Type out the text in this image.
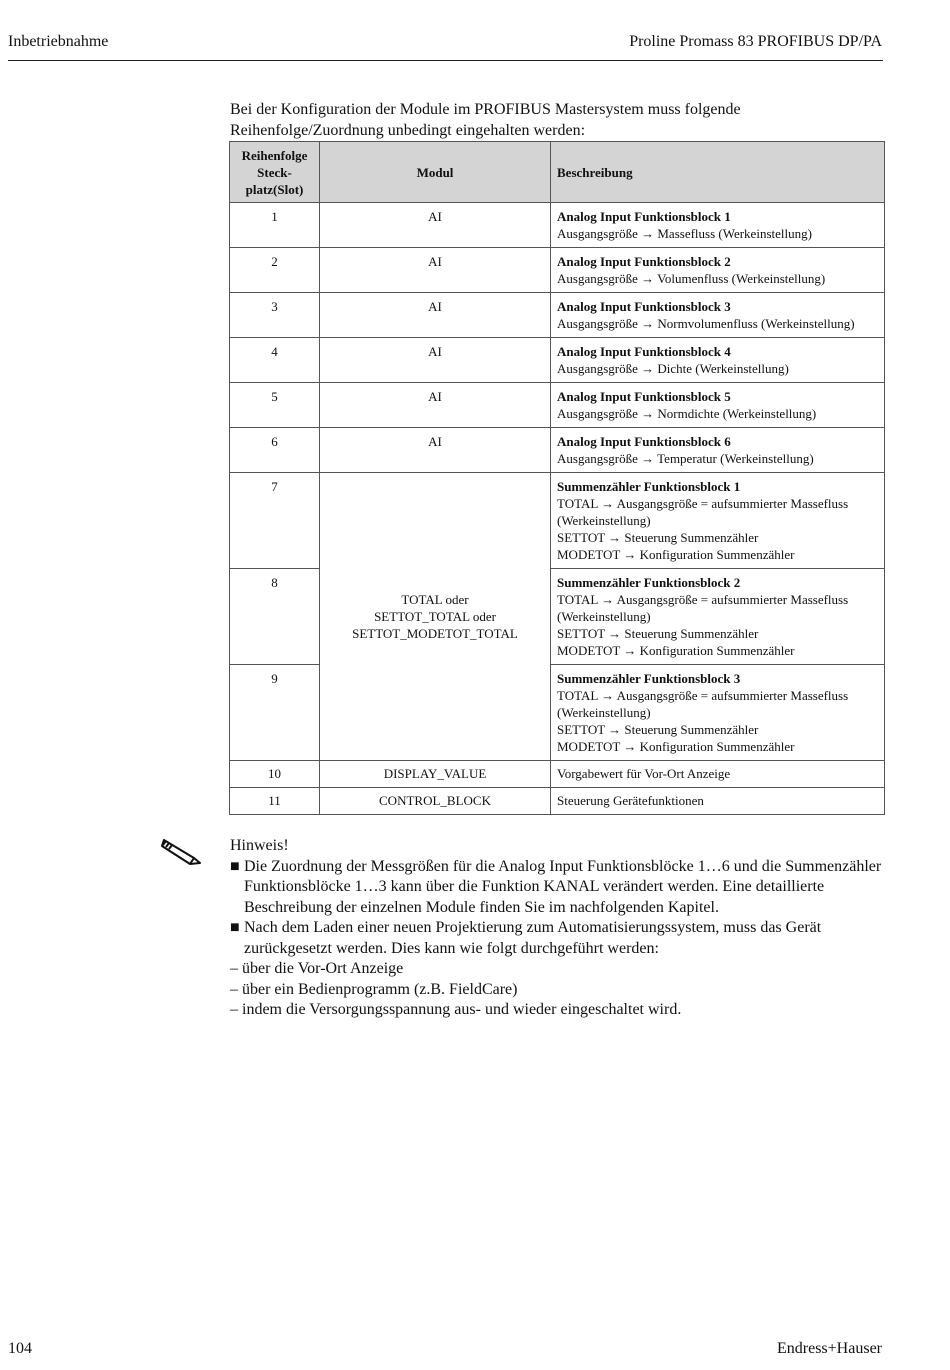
Inbetriebnahme	Proline Promass 83 PROFIBUS DP/PA
Bei der Konfiguration der Module im PROFIBUS Mastersystem muss folgende Reihenfolge/Zuordnung unbedingt eingehalten werden:
Reihenfolge Steck-platz(Slot)	Modul	Beschreibung
1	AI	Analog Input Funktionsblock 1
Ausgangsgröße → Massefluss (Werkeinstellung)

2	AI	Analog Input Funktionsblock 2
Ausgangsgröße → Volumenfluss (Werkeinstellung)

3	AI	Analog Input Funktionsblock 3
Ausgangsgröße → Normvolumenfluss (Werkeinstellung)

4	AI	Analog Input Funktionsblock 4
Ausgangsgröße → Dichte (Werkeinstellung)

5	AI	Analog Input Funktionsblock 5
Ausgangsgröße → Normdichte (Werkeinstellung)

6	AI	Analog Input Funktionsblock 6
Ausgangsgröße → Temperatur (Werkeinstellung)

7	TOTAL oder
SETTOT_TOTAL oder
SETTOT_MODETOT_TOTAL	Summenzähler Funktionsblock 1
TOTAL → Ausgangsgröße = aufsummierter Massefluss
(Werkeinstellung)
SETTOT → Steuerung Summenzähler
MODETOT → Konfiguration Summenzähler

8		Summenzähler Funktionsblock 2
TOTAL → Ausgangsgröße = aufsummierter Massefluss
(Werkeinstellung)
SETTOT → Steuerung Summenzähler
MODETOT → Konfiguration Summenzähler

9		Summenzähler Funktionsblock 3
TOTAL → Ausgangsgröße = aufsummierter Massefluss
(Werkeinstellung)
SETTOT → Steuerung Summenzähler
MODETOT → Konfiguration Summenzähler

10	DISPLAY_VALUE	Vorgabewert für Vor-Ort Anzeige
11	CONTROL_BLOCK	Steuerung Gerätefunktionen
Hinweis!
■ Die Zuordnung der Messgrößen für die Analog Input Funktionsblöcke 1…6 und die Summenzähler Funktionsblöcke 1…3 kann über die Funktion KANAL verändert werden. Eine detaillierte Beschreibung der einzelnen Module finden Sie im nachfolgenden Kapitel.
■ Nach dem Laden einer neuen Projektierung zum Automatisierungssystem, muss das Gerät zurückgesetzt werden. Dies kann wie folgt durchgeführt werden:
– über die Vor-Ort Anzeige
– über ein Bedienprogramm (z.B. FieldCare)
– indem die Versorgungsspannung aus- und wieder eingeschaltet wird.
104	Endress+Hauser
